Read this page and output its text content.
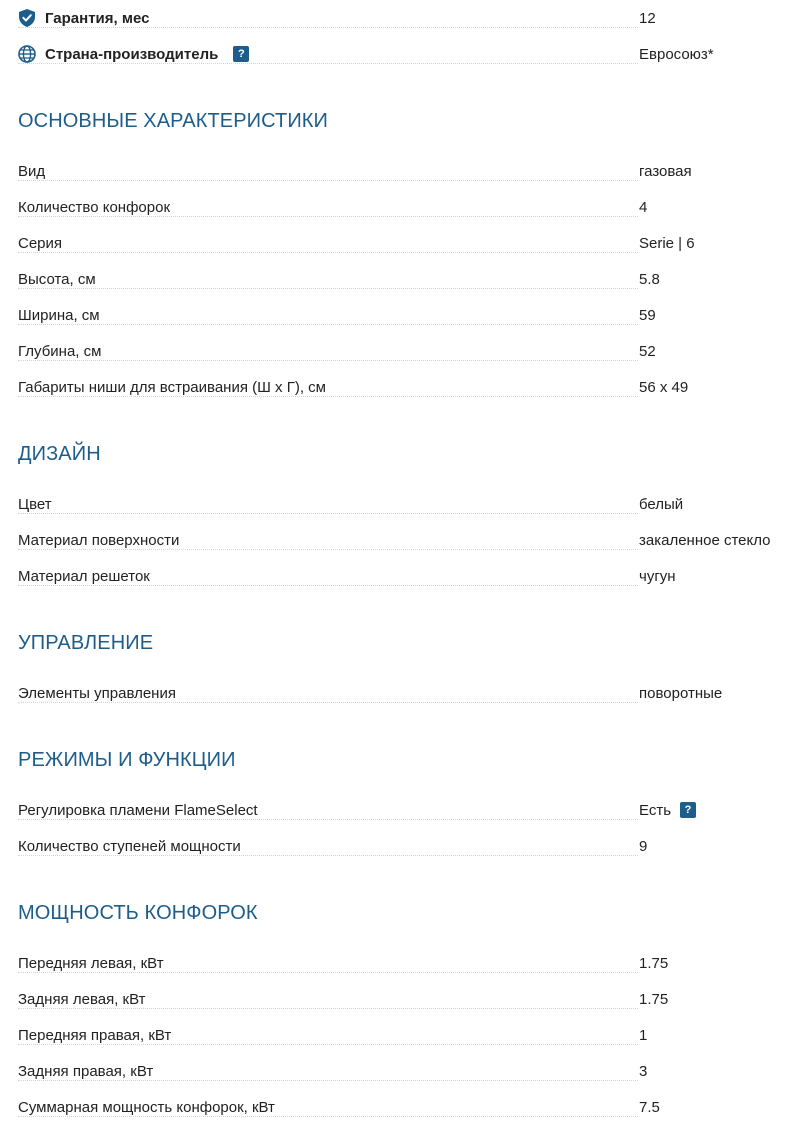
Гарантия, мес	12
Страна-производитель	?	Евросоюз*
ОСНОВНЫЕ ХАРАКТЕРИСТИКИ
Вид	газовая
Количество конфорок	4
Серия	Serie | 6
Высота, см	5.8
Ширина, см	59
Глубина, см	52
Габариты ниши для встраивания (Ш х Г), см	56 x 49
ДИЗАЙН
Цвет	белый
Материал поверхности	закаленное стекло
Материал решеток	чугун
УПРАВЛЕНИЕ
Элементы управления	поворотные
РЕЖИМЫ И ФУНКЦИИ
Регулировка пламени FlameSelect	Есть	?
Количество ступеней мощности	9
МОЩНОСТЬ КОНФОРОК
Передняя левая, кВт	1.75
Задняя левая, кВт	1.75
Передняя правая, кВт	1
Задняя правая, кВт	3
Суммарная мощность конфорок, кВт	7.5
